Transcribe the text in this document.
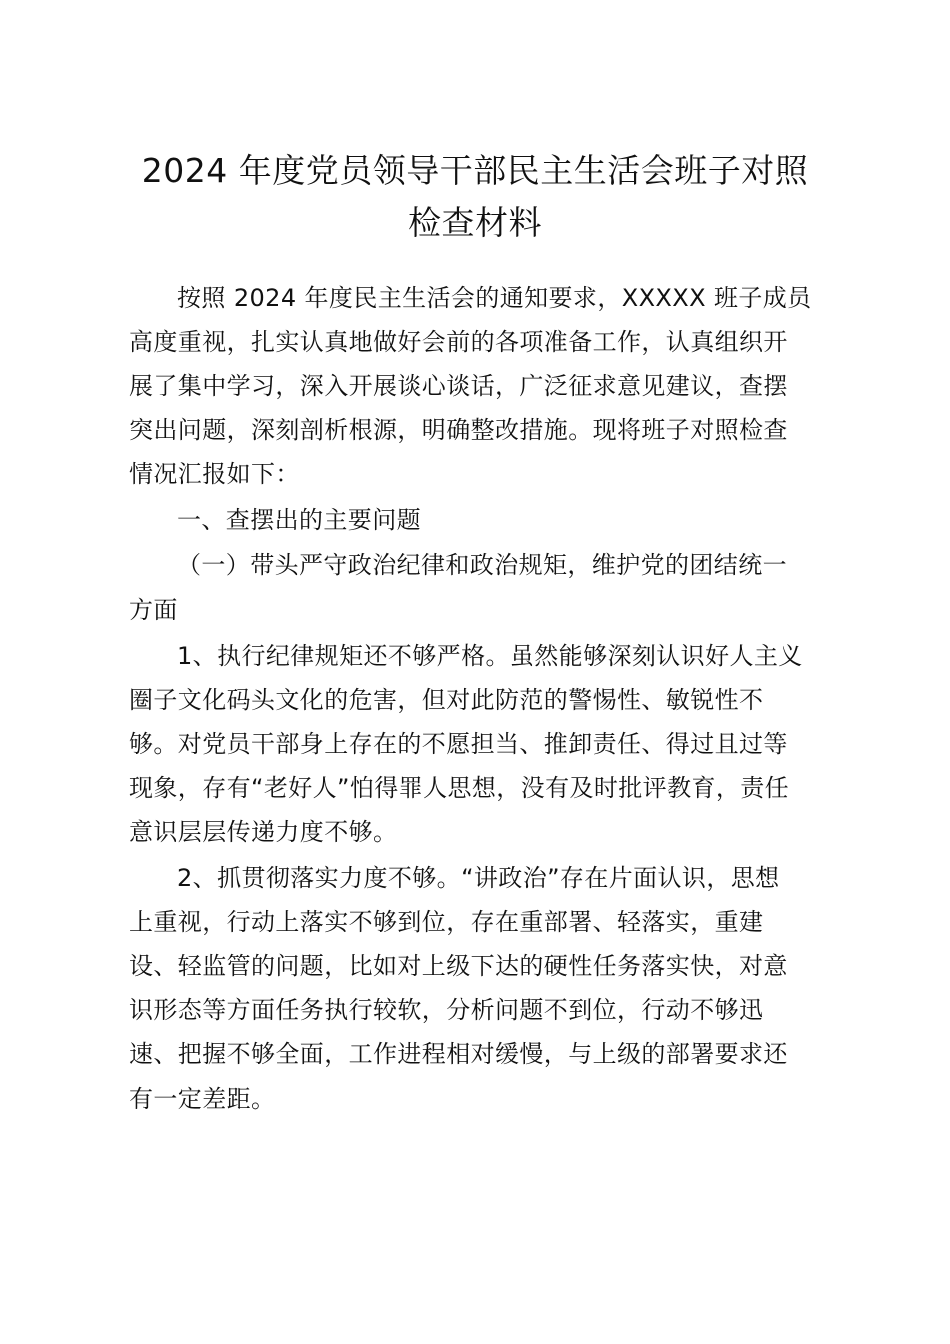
2024 年度党员领导干部民主生活会班子对照
检查材料
按照 2024 年度民主生活会的通知要求，XXXXX 班子成员
高度重视，扎实认真地做好会前的各项准备工作，认真组织开
展了集中学习，深入开展谈心谈话，广泛征求意见建议，查摆
突出问题，深刻剖析根源，明确整改措施。现将班子对照检查
情况汇报如下：
一、查摆出的主要问题
（一）带头严守政治纪律和政治规矩，维护党的团结统一
方面
1、执行纪律规矩还不够严格。虽然能够深刻认识好人主义
圈子文化码头文化的危害，但对此防范的警惕性、敏锐性不
够。对党员干部身上存在的不愿担当、推卸责任、得过且过等
现象，存有“老好人”怕得罪人思想，没有及时批评教育，责任
意识层层传递力度不够。
2、抓贯彻落实力度不够。“讲政治”存在片面认识，思想
上重视，行动上落实不够到位，存在重部署、轻落实，重建
设、轻监管的问题，比如对上级下达的硬性任务落实快，对意
识形态等方面任务执行较软，分析问题不到位，行动不够迅
速、把握不够全面，工作进程相对缓慢，与上级的部署要求还
有一定差距。
